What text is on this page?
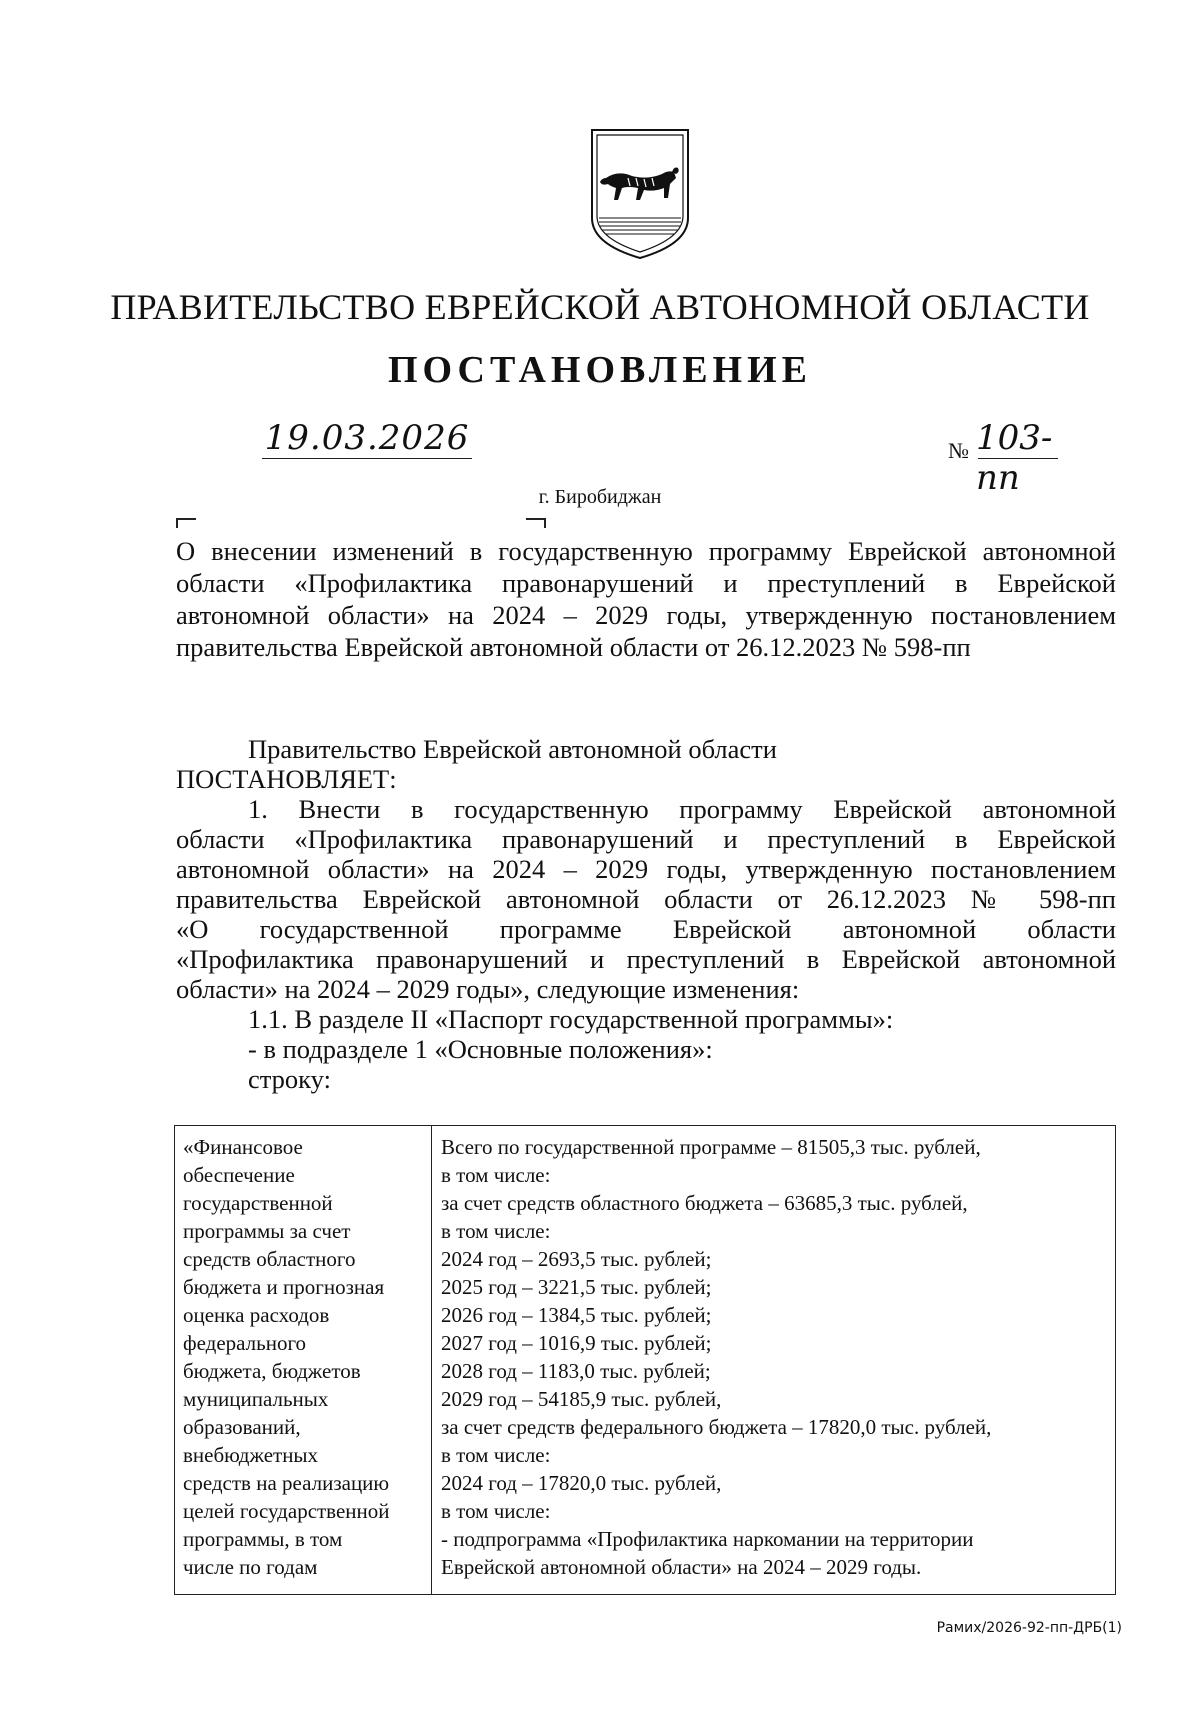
ПРАВИТЕЛЬСТВО ЕВРЕЙСКОЙ АВТОНОМНОЙ ОБЛАСТИ
ПОСТАНОВЛЕНИЕ
19.03.2026	№ 103-пп
г. Биробиджан
О внесении изменений в государственную программу Еврейской автономной
области «Профилактика правонарушений и преступлений в Еврейской
автономной области» на 2024 – 2029 годы, утвержденную постановлением
правительства Еврейской автономной области от 26.12.2023 № 598-пп
Правительство Еврейской автономной области
ПОСТАНОВЛЯЕТ:
1. Внести в государственную программу Еврейской автономной
области «Профилактика правонарушений и преступлений в Еврейской
автономной области» на 2024 – 2029 годы, утвержденную постановлением
правительства Еврейской автономной области от 26.12.2023 № 598-пп
«О государственной программе Еврейской автономной области
«Профилактика правонарушений и преступлений в Еврейской автономной
области» на 2024 – 2029 годы», следующие изменения:
1.1. В разделе II «Паспорт государственной программы»:
- в подразделе 1 «Основные положения»:
строку:
«Финансовое
обеспечение
государственной
программы за счет
средств областного
бюджета и прогнозная
оценка расходов
федерального
бюджета, бюджетов
муниципальных
образований,
внебюджетных
средств на реализацию
целей государственной
программы, в том
числе по годам
Всего по государственной программе – 81505,3 тыс. рублей,
в том числе:
за счет средств областного бюджета – 63685,3 тыс. рублей,
в том числе:
2024 год – 2693,5 тыс. рублей;
2025 год – 3221,5 тыс. рублей;
2026 год – 1384,5 тыс. рублей;
2027 год – 1016,9 тыс. рублей;
2028 год – 1183,0 тыс. рублей;
2029 год – 54185,9 тыс. рублей,
за счет средств федерального бюджета – 17820,0 тыс. рублей,
в том числе:
2024 год – 17820,0 тыс. рублей,
в том числе:
- подпрограмма «Профилактика наркомании на территории
Еврейской автономной области» на 2024 – 2029 годы.
Рамих/2026-92-пп-ДРБ(1)
